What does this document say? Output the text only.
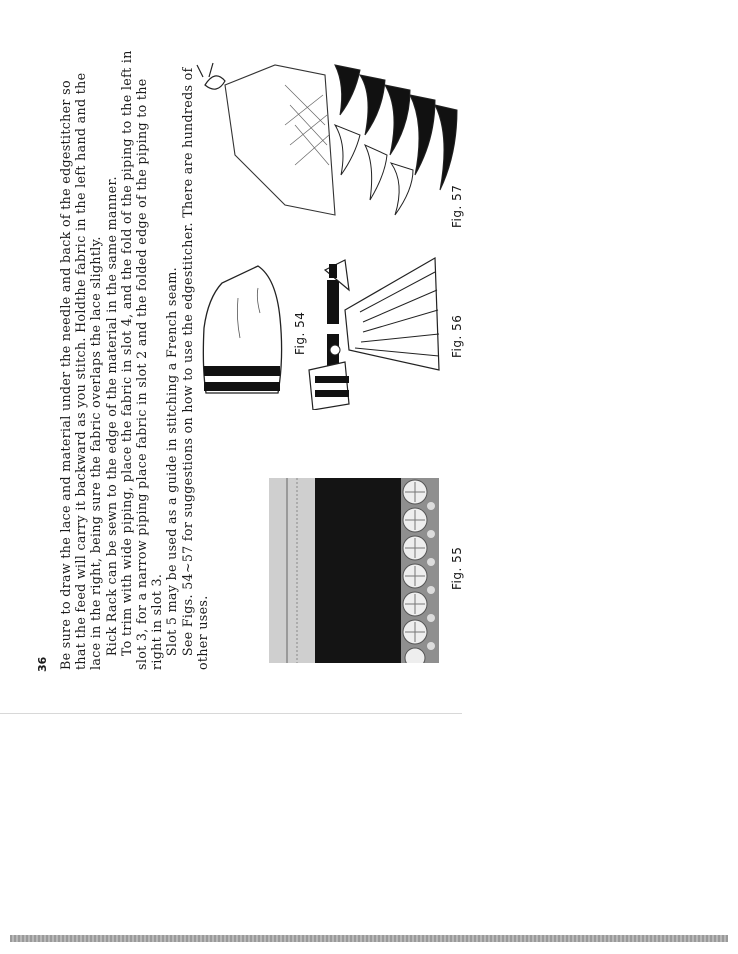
36 Be sure to draw the lace and material under the needle and back of the edgestitcher so that the feed will carry it backward as you stitch. Holdthe fabric in the left hand and the lace in the right, being sure the fabric overlaps the lace slightly. Rick Rack can be sewn to the edge of the material in the same manner. To trim with wide piping, place the fabric in slot 4, and the fold of the piping to the left in slot 3, for a narrow piping place fabric in slot 2 and the folded edge of the piping to the right in slot 3. Slot 5 may be used as a guide in stitching a French seam. See Figs. 54~57 for suggestions on how to use the edgestitcher. There are hundreds of other uses.

Fig. 55
Fig. 54	Fig. 56
Fig. 57
